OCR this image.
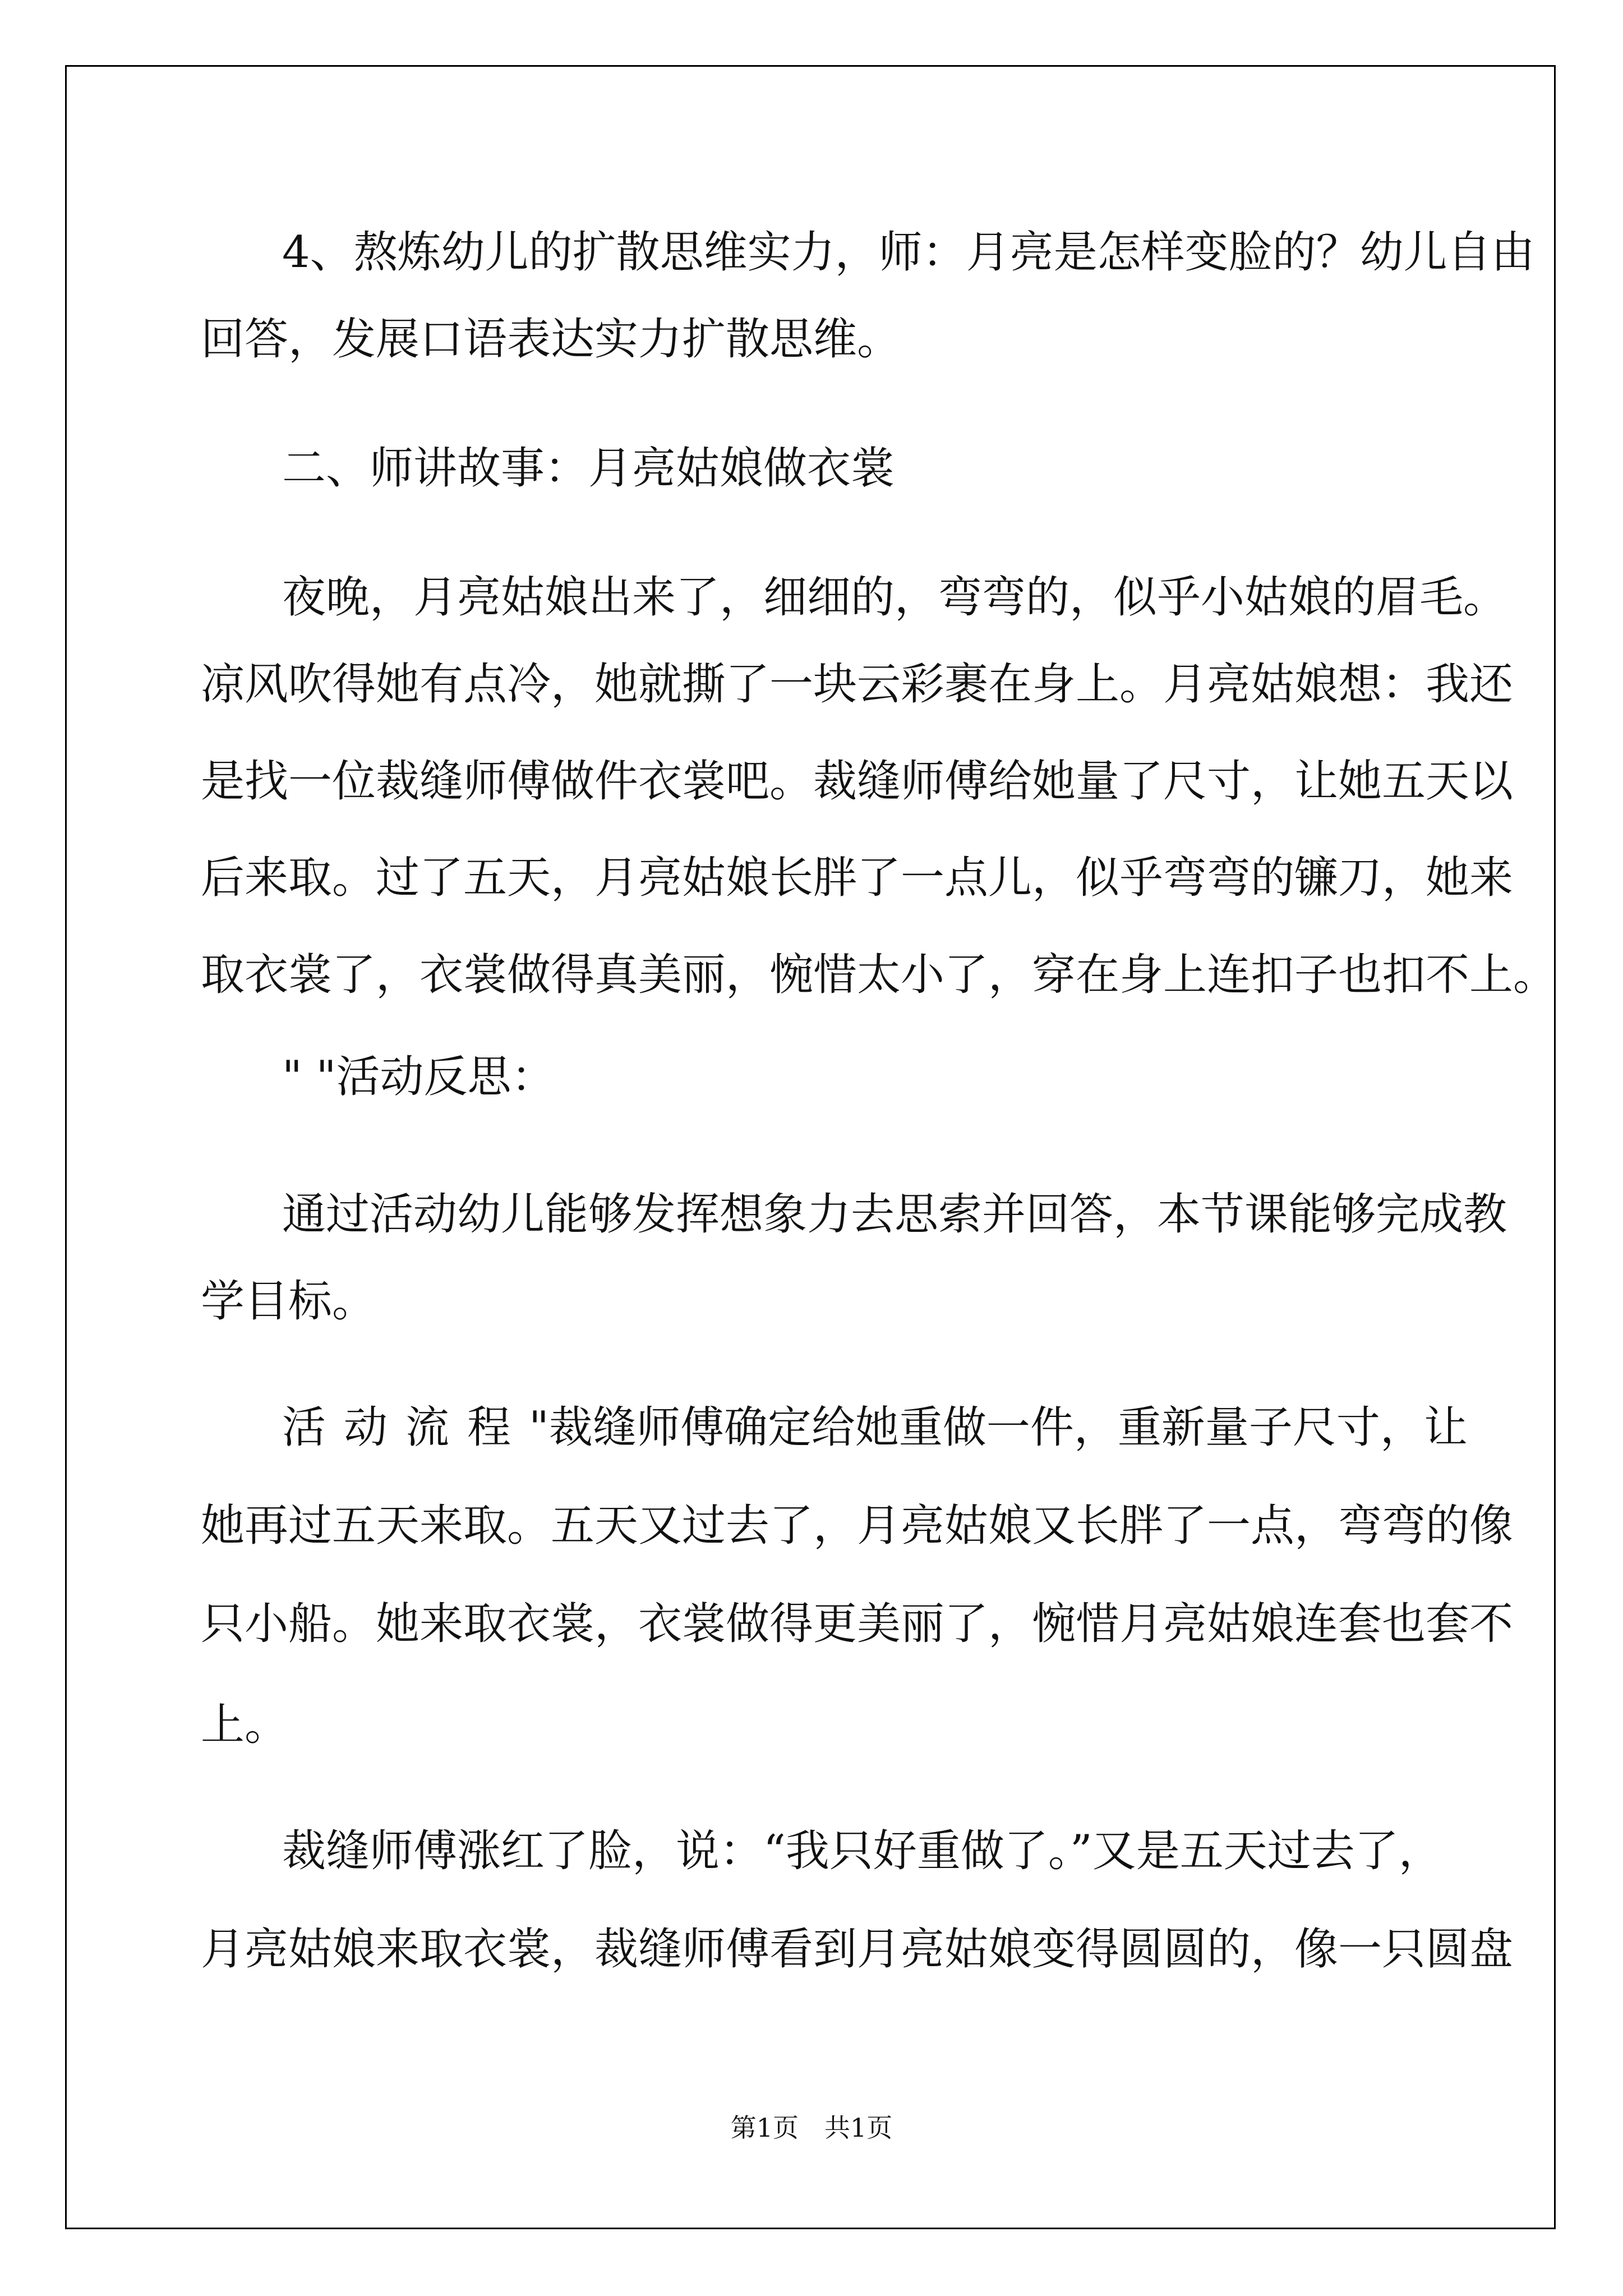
4、熬炼幼儿的扩散思维实力，师：月亮是怎样变脸的？幼儿自由

回答，发展口语表达实力扩散思维。

二、师讲故事：月亮姑娘做衣裳

夜晚，月亮姑娘出来了，细细的，弯弯的，似乎小姑娘的眉毛。

凉风吹得她有点冷，她就撕了一块云彩裹在身上。月亮姑娘想：我还

是找一位裁缝师傅做件衣裳吧。裁缝师傅给她量了尺寸，让她五天以

后来取。过了五天，月亮姑娘长胖了一点儿，似乎弯弯的镰刀，她来

取衣裳了，衣裳做得真美丽，惋惜太小了，穿在身上连扣子也扣不上。

" "活动反思：

通过活动幼儿能够发挥想象力去思索并回答，本节课能够完成教

学目标。

活动流程"裁缝师傅确定给她重做一件，重新量子尺寸，让

她再过五天来取。五天又过去了，月亮姑娘又长胖了一点，弯弯的像

只小船。她来取衣裳，衣裳做得更美丽了，惋惜月亮姑娘连套也套不

上。

裁缝师傅涨红了脸，说：“我只好重做了。”又是五天过去了，

月亮姑娘来取衣裳，裁缝师傅看到月亮姑娘变得圆圆的，像一只圆盘

第1页　共1页
